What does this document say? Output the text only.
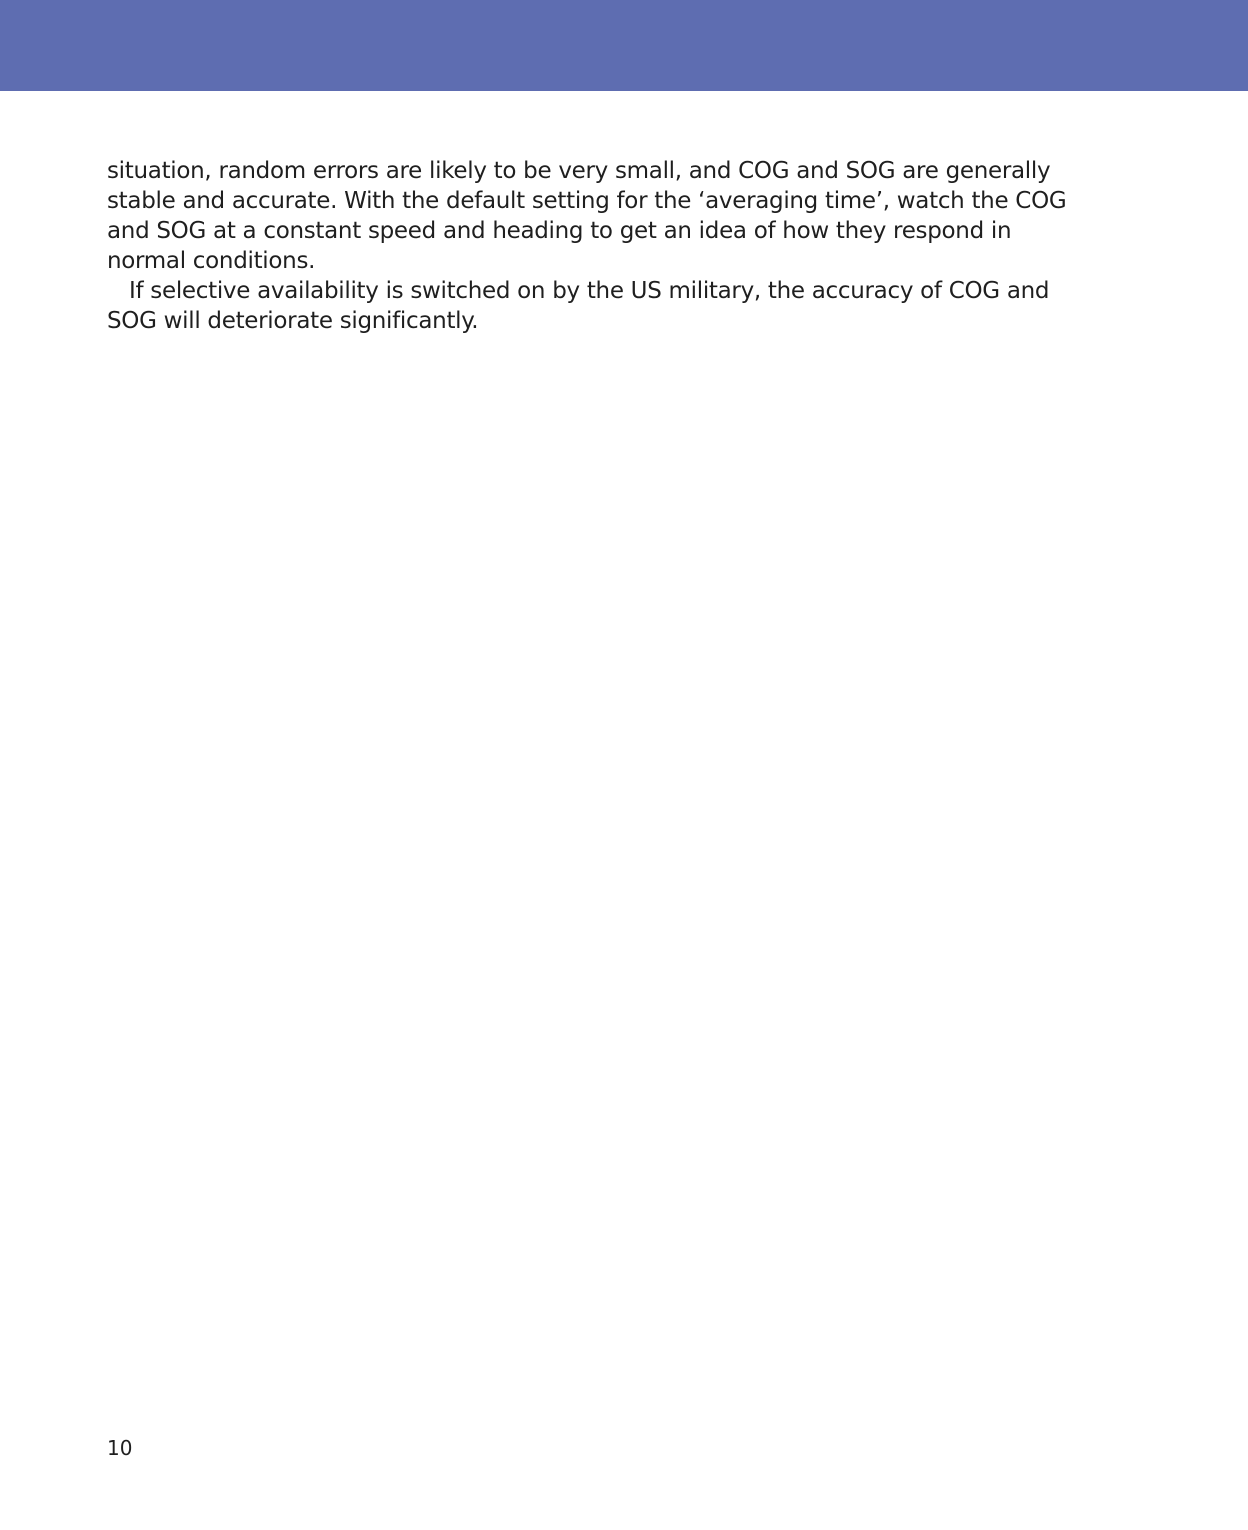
situation, random errors are likely to be very small, and COG and SOG are generally
stable and accurate. With the default setting for the ‘averaging time’, watch the COG
and SOG at a constant speed and heading to get an idea of how they respond in
normal conditions.

If selective availability is switched on by the US military, the accuracy of COG and
SOG will deteriorate significantly.

10
